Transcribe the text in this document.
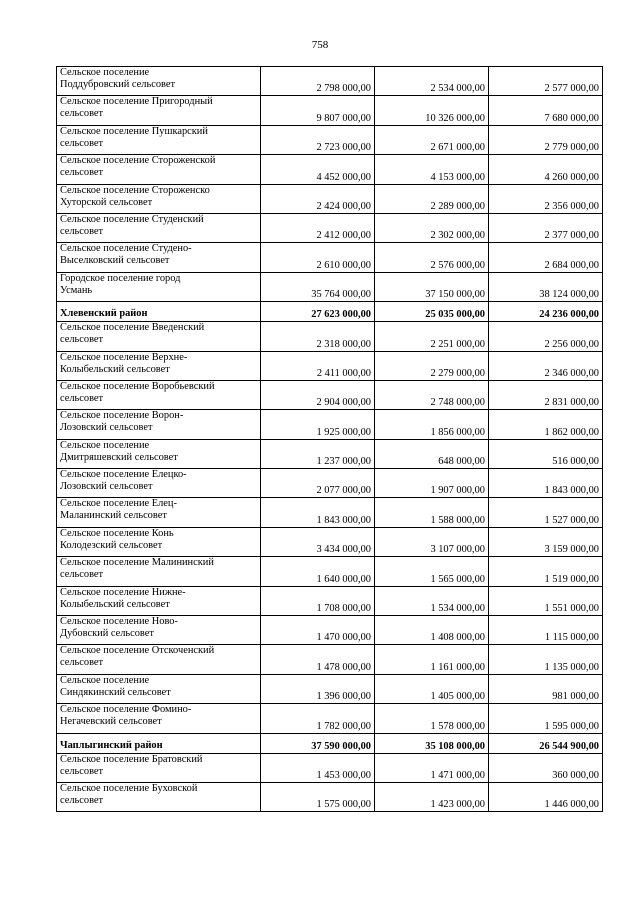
758
Сельское поселение
Поддубровский сельсовет	2 798 000,00	2 534 000,00	2 577 000,00
Сельское поселение Пригородный
сельсовет	9 807 000,00	10 326 000,00	7 680 000,00
Сельское поселение Пушкарский
сельсовет	2 723 000,00	2 671 000,00	2 779 000,00
Сельское поселение Стороженской
сельсовет	4 452 000,00	4 153 000,00	4 260 000,00
Сельское поселение Стороженско
Хуторской сельсовет	2 424 000,00	2 289 000,00	2 356 000,00
Сельское поселение Студенский
сельсовет	2 412 000,00	2 302 000,00	2 377 000,00
Сельское поселение Студено-
Выселковский сельсовет	2 610 000,00	2 576 000,00	2 684 000,00
Городское поселение город
Усмань	35 764 000,00	37 150 000,00	38 124 000,00
Хлевенский район	27 623 000,00	25 035 000,00	24 236 000,00
Сельское поселение Введенский
сельсовет	2 318 000,00	2 251 000,00	2 256 000,00
Сельское поселение Верхне-
Колыбельский сельсовет	2 411 000,00	2 279 000,00	2 346 000,00
Сельское поселение Воробьевский
сельсовет	2 904 000,00	2 748 000,00	2 831 000,00
Сельское поселение Ворон-
Лозовский сельсовет	1 925 000,00	1 856 000,00	1 862 000,00
Сельское поселение
Дмитряшевский сельсовет	1 237 000,00	648 000,00	516 000,00
Сельское поселение Елецко-
Лозовский сельсовет	2 077 000,00	1 907 000,00	1 843 000,00
Сельское поселение Елец-
Маланинский сельсовет	1 843 000,00	1 588 000,00	1 527 000,00
Сельское поселение Конь
Колодезский сельсовет	3 434 000,00	3 107 000,00	3 159 000,00
Сельское поселение Малининский
сельсовет	1 640 000,00	1 565 000,00	1 519 000,00
Сельское поселение Нижне-
Колыбельский сельсовет	1 708 000,00	1 534 000,00	1 551 000,00
Сельское поселение Ново-
Дубовский сельсовет	1 470 000,00	1 408 000,00	1 115 000,00
Сельское поселение Отскоченский
сельсовет	1 478 000,00	1 161 000,00	1 135 000,00
Сельское поселение
Синдякинский сельсовет	1 396 000,00	1 405 000,00	981 000,00
Сельское поселение Фомино-
Негачевский сельсовет	1 782 000,00	1 578 000,00	1 595 000,00
Чаплыгинский район	37 590 000,00	35 108 000,00	26 544 900,00
Сельское поселение Братовский
сельсовет	1 453 000,00	1 471 000,00	360 000,00
Сельское поселение Буховской
сельсовет	1 575 000,00	1 423 000,00	1 446 000,00
